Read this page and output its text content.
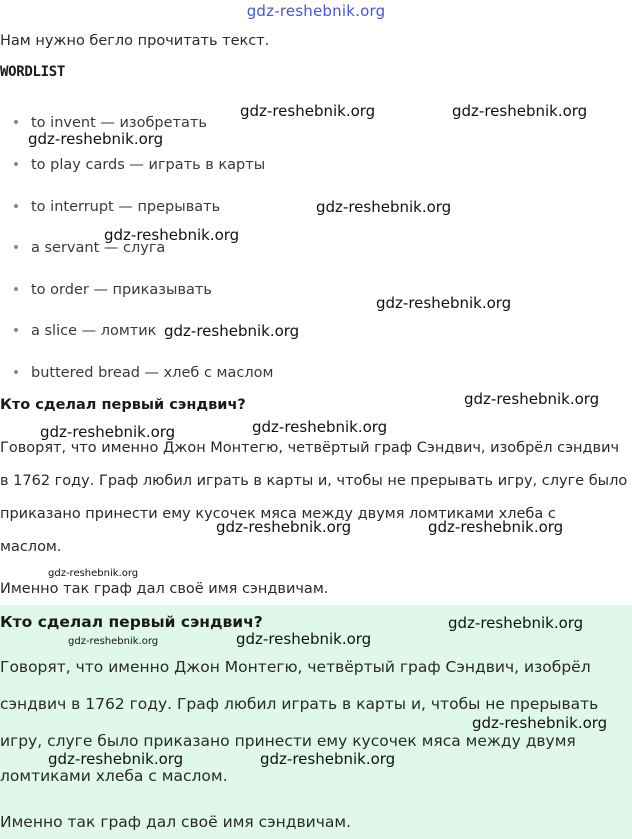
gdz-reshebnik.org
Нам нужно бегло прочитать текст.
WORDLIST
to invent — изобретать
to play cards — играть в карты
to interrupt — прерывать
a servant — слуга
to order — приказывать
a slice — ломтик
buttered bread — хлеб с маслом
Кто сделал первый сэндвич?
Говорят, что именно Джон Монтегю, четвёртый граф Сэндвич, изобрёл сэндвич
в 1762 году. Граф любил играть в карты и, чтобы не прерывать игру, слуге было
приказано принести ему кусочек мяса между двумя ломтиками хлеба с
маслом.
Именно так граф дал своё имя сэндвичам.
Кто сделал первый сэндвич?
Говорят, что именно Джон Монтегю, четвёртый граф Сэндвич, изобрёл
сэндвич в 1762 году. Граф любил играть в карты и, чтобы не прерывать
игру, слуге было приказано принести ему кусочек мяса между двумя
ломтиками хлеба с маслом.
Именно так граф дал своё имя сэндвичам.
gdz-reshebnik.org	gdz-reshebnik.org
gdz-reshebnik.org
gdz-reshebnik.org
gdz-reshebnik.org
gdz-reshebnik.org
gdz-reshebnik.org
gdz-reshebnik.org
gdz-reshebnik.org
gdz-reshebnik.org
gdz-reshebnik.org	gdz-reshebnik.org
gdz-reshebnik.org
gdz-reshebnik.org
gdz-reshebnik.org
gdz-reshebnik.org
gdz-reshebnik.org
gdz-reshebnik.org	gdz-reshebnik.org
